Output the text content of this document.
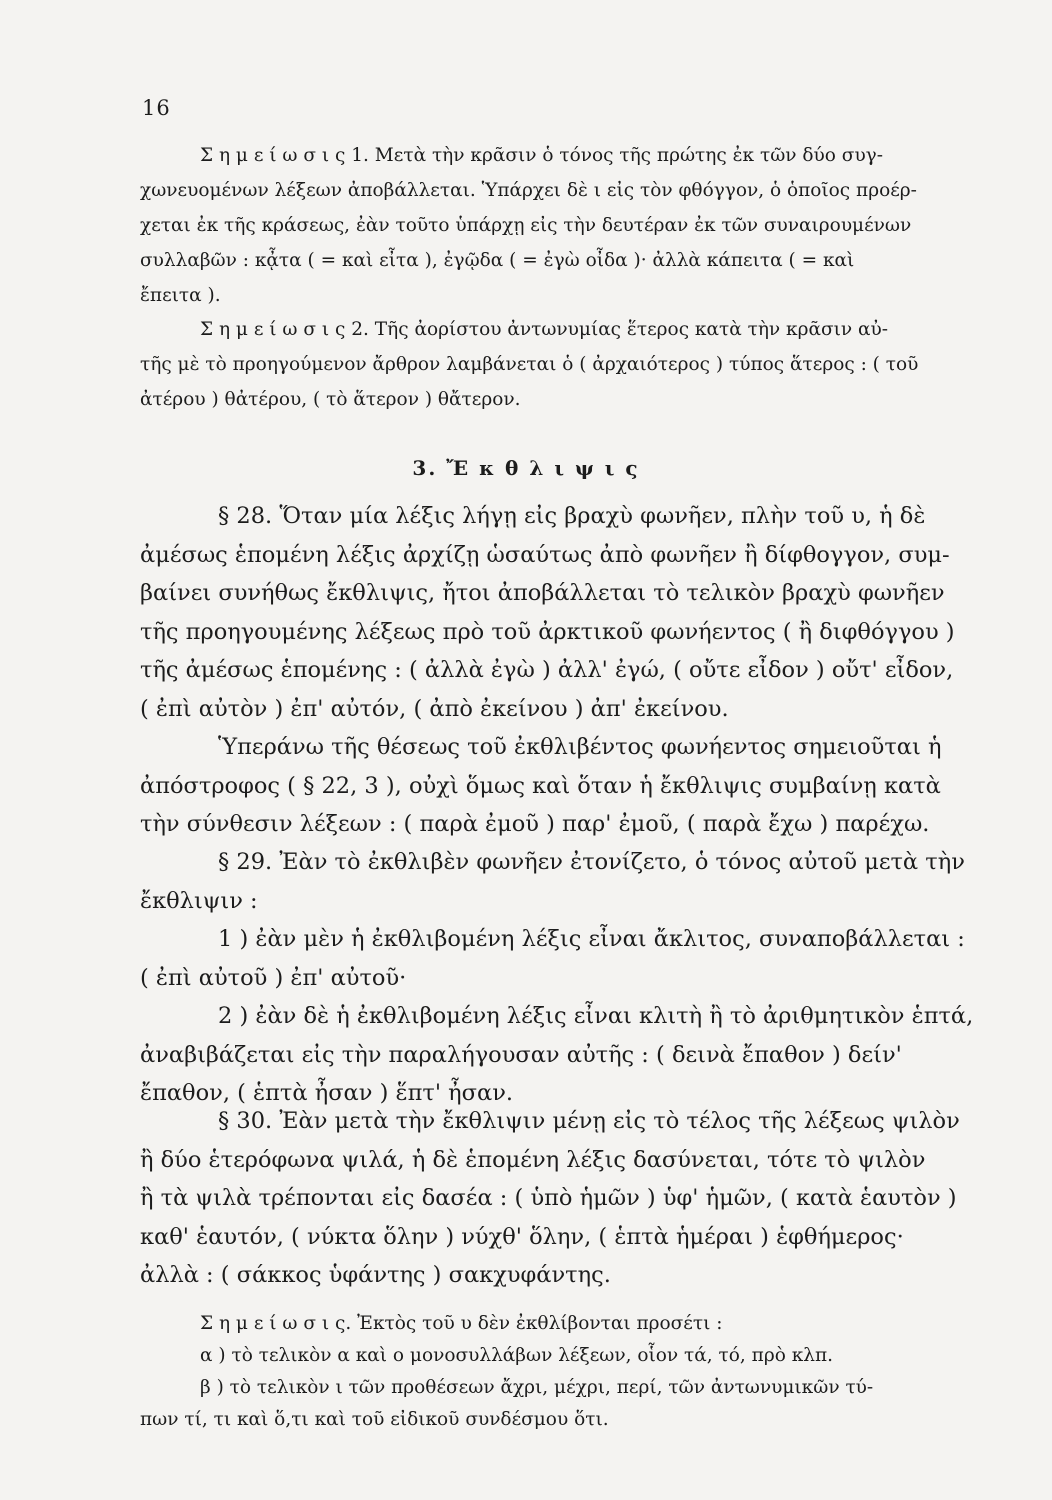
16
Σ η μ ε ί ω σ ι ς 1. Μετὰ τὴν κρᾶσιν ὁ τόνος τῆς πρώτης ἐκ τῶν δύο συγ-
χωνευομένων λέξεων ἀποβάλλεται. Ὑπάρχει δὲ ι εἰς τὸν φθόγγον, ὁ ὁποῖος προέρ-
χεται ἐκ τῆς κράσεως, ἐὰν τοῦτο ὑπάρχῃ εἰς τὴν δευτέραν ἐκ τῶν συναιρουμένων
συλλαβῶν : κᾆτα ( = καὶ εἶτα ), ἐγῷδα ( = ἐγὼ οἶδα )· ἀλλὰ κάπειτα ( = καὶ
ἔπειτα ).
Σ η μ ε ί ω σ ι ς 2. Τῆς ἀορίστου ἀντωνυμίας ἕτερος κατὰ τὴν κρᾶσιν αὐ-
τῆς μὲ τὸ προηγούμενον ἄρθρον λαμβάνεται ὁ ( ἀρχαιότερος ) τύπος ἅτερος : ( τοῦ
ἀτέρου ) θἀτέρου, ( τὸ ἅτερον ) θἄτερον.
3. Ἔ κ θ λ ι ψ ι ς
§ 28. Ὅταν μία λέξις λήγῃ εἰς βραχὺ φωνῆεν, πλὴν τοῦ υ, ἡ δὲ
ἀμέσως ἑπομένη λέξις ἀρχίζῃ ὡσαύτως ἀπὸ φωνῆεν ἢ δίφθογγον, συμ-
βαίνει συνήθως ἔκθλιψις, ἤτοι ἀποβάλλεται τὸ τελικὸν βραχὺ φωνῆεν
τῆς προηγουμένης λέξεως πρὸ τοῦ ἀρκτικοῦ φωνήεντος ( ἢ διφθόγγου )
τῆς ἀμέσως ἑπομένης : ( ἀλλὰ ἐγὼ ) ἀλλ' ἐγώ, ( οὔτε εἶδον ) οὔτ' εἶδον,
( ἐπὶ αὐτὸν ) ἐπ' αὐτόν, ( ἀπὸ ἐκείνου ) ἀπ' ἐκείνου.
Ὑπεράνω τῆς θέσεως τοῦ ἐκθλιβέντος φωνήεντος σημειοῦται ἡ
ἀπόστροφος ( § 22, 3 ), οὐχὶ ὅμως καὶ ὅταν ἡ ἔκθλιψις συμβαίνῃ κατὰ
τὴν σύνθεσιν λέξεων : ( παρὰ ἐμοῦ ) παρ' ἐμοῦ, ( παρὰ ἔχω ) παρέχω.
§ 29. Ἐὰν τὸ ἐκθλιβὲν φωνῆεν ἐτονίζετο, ὁ τόνος αὐτοῦ μετὰ τὴν
ἔκθλιψιν :
1 ) ἐὰν μὲν ἡ ἐκθλιβομένη λέξις εἶναι ἄκλιτος, συναποβάλλεται :
( ἐπὶ αὐτοῦ ) ἐπ' αὐτοῦ·
2 ) ἐὰν δὲ ἡ ἐκθλιβομένη λέξις εἶναι κλιτὴ ἢ τὸ ἀριθμητικὸν ἑπτά,
ἀναβιβάζεται εἰς τὴν παραλήγουσαν αὐτῆς : ( δεινὰ ἔπαθον ) δείν'
ἔπαθον, ( ἑπτὰ ἦσαν ) ἕπτ' ἦσαν.
§ 30. Ἐὰν μετὰ τὴν ἔκθλιψιν μένῃ εἰς τὸ τέλος τῆς λέξεως ψιλὸν
ἢ δύο ἑτερόφωνα ψιλά, ἡ δὲ ἑπομένη λέξις δασύνεται, τότε τὸ ψιλὸν
ἢ τὰ ψιλὰ τρέπονται εἰς δασέα : ( ὑπὸ ἡμῶν ) ὑφ' ἡμῶν, ( κατὰ ἑαυτὸν )
καθ' ἑαυτόν, ( νύκτα ὅλην ) νύχθ' ὅλην, ( ἑπτὰ ἡμέραι ) ἑφθήμερος·
ἀλλὰ : ( σάκκος ὑφάντης ) σακχυφάντης.
Σ η μ ε ί ω σ ι ς. Ἐκτὸς τοῦ υ δὲν ἐκθλίβονται προσέτι :
α ) τὸ τελικὸν α καὶ ο μονοσυλλάβων λέξεων, οἷον τά, τό, πρὸ κλπ.
β ) τὸ τελικὸν ι τῶν προθέσεων ἄχρι, μέχρι, περί, τῶν ἀντωνυμικῶν τύ-
πων τί, τι καὶ ὅ,τι καὶ τοῦ εἰδικοῦ συνδέσμου ὅτι.
